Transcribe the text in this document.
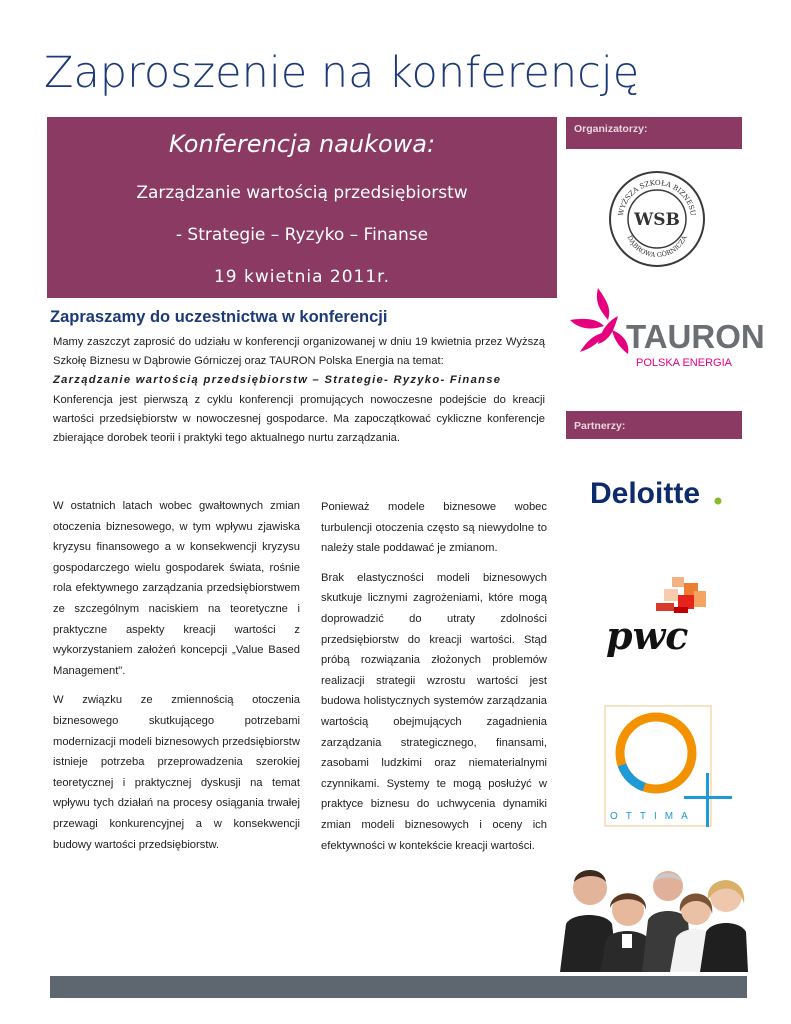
Zaproszenie na konferencję
Konferencja naukowa:
Zarządzanie wartością przedsiębiorstw
- Strategie – Ryzyko – Finanse
19 kwietnia 2011r.
Zapraszamy do uczestnictwa w konferencji
Mamy zaszczyt zaprosić do udziału w konferencji organizowanej w dniu 19 kwietnia przez Wyższą Szkołę Biznesu w Dąbrowie Górniczej oraz TAURON Polska Energia na temat:
Zarządzanie wartością przedsiębiorstw – Strategie- Ryzyko- Finanse
Konferencja jest pierwszą z cyklu konferencji promujących nowoczesne podejście do kreacji wartości przedsiębiorstw w nowoczesnej gospodarce. Ma zapoczątkować cykliczne konferencje zbierające dorobek teorii i praktyki tego aktualnego nurtu zarządzania.

W ostatnich latach wobec gwałtownych zmian otoczenia biznesowego, w tym wpływu zjawiska kryzysu finansowego a w konsekwencji kryzysu gospodarczego wielu gospodarek świata, rośnie rola efektywnego zarządzania przedsiębiorstwem ze szczególnym naciskiem na teoretyczne i praktyczne aspekty kreacji wartości z wykorzystaniem założeń koncepcji „Value Based Management".

W związku ze zmiennością otoczenia biznesowego skutkującego potrzebami modernizacji modeli biznesowych przedsiębiorstw istnieje potrzeba przeprowadzenia szerokiej teoretycznej i praktycznej dyskusji na temat wpływu tych działań na procesy osiągania trwałej przewagi konkurencyjnej a w konsekwencji budowy wartości przedsiębiorstw.

Ponieważ modele biznesowe wobec turbulencji otoczenia często są niewydolne to należy stale poddawać je zmianom.

Brak elastyczności modeli biznesowych skutkuje licznymi zagrożeniami, które mogą doprowadzić do utraty zdolności przedsiębiorstw do kreacji wartości. Stąd próbą rozwiązania złożonych problemów realizacji strategii wzrostu wartości jest budowa holistycznych systemów zarządzania wartością obejmujących zagadnienia zarządzania strategicznego, finansami, zasobami ludzkimi oraz niematerialnymi czynnikami. Systemy te mogą posłużyć w praktyce biznesu do uchwycenia dynamiki zmian modeli biznesowych i oceny ich efektywności w kontekście kreacji wartości.

Organizatorzy:
WYŻSZA SZKOŁA BIZNESU
DĄBROWA GÓRNICZA
WSB
TAURON
POLSKA ENERGIA
Partnerzy:
Deloitte
pwc
OTTIMA
